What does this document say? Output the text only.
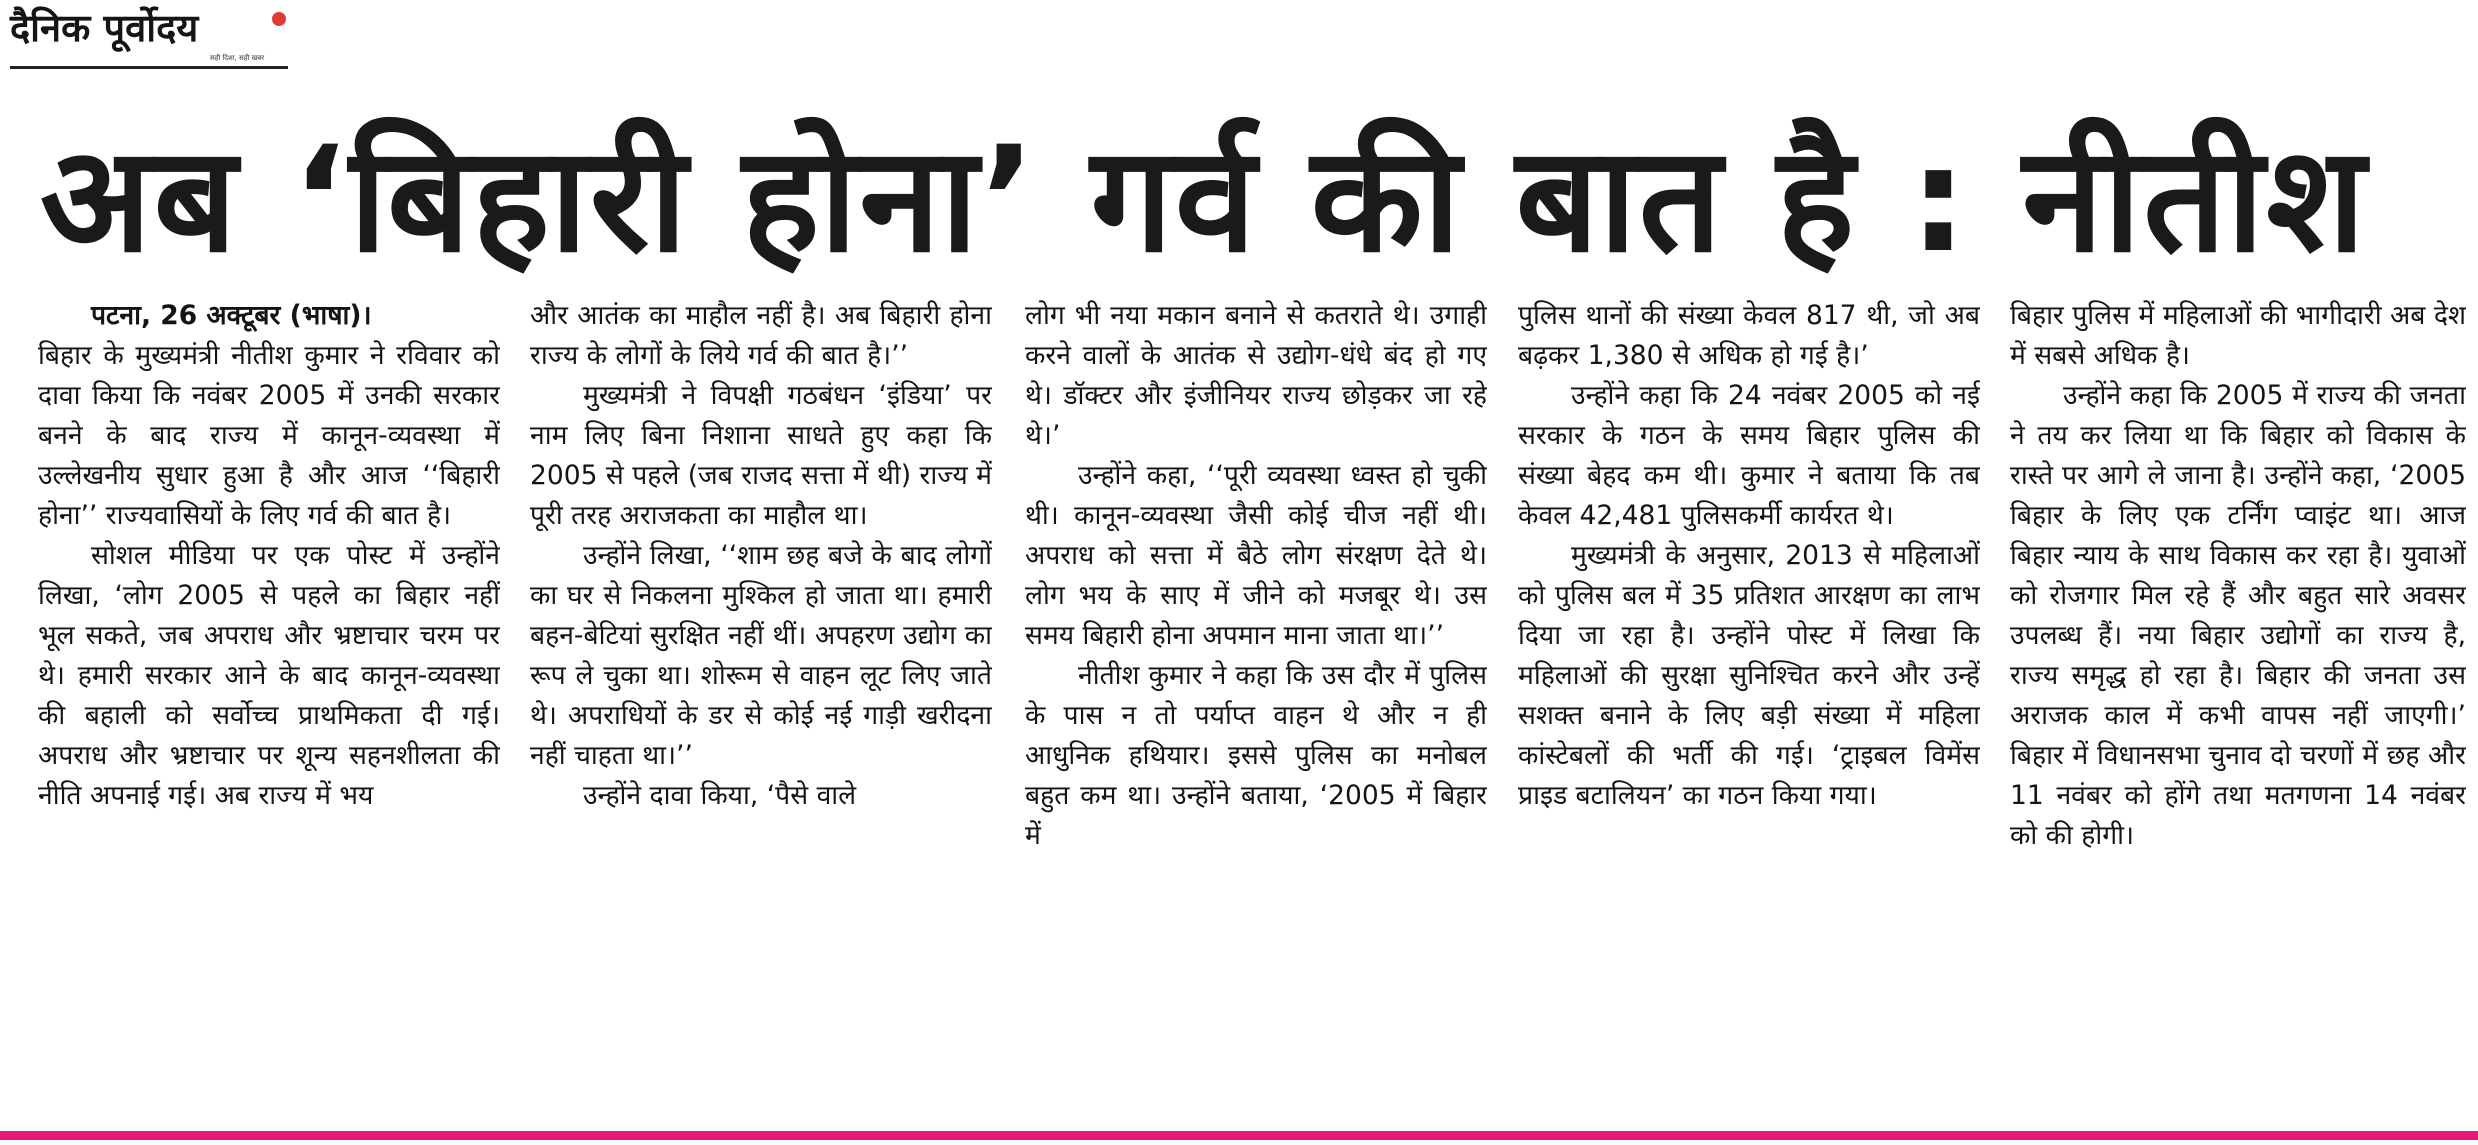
दैनिक पूर्वोदय
सही दिशा, सही खबर
अब ‘बिहारी होना’ गर्व की बात है : नीतीश

पटना, 26 अक्टूबर (भाषा)।

बिहार के मुख्यमंत्री नीतीश कुमार ने रविवार को दावा किया कि नवंबर 2005 में उनकी सरकार बनने के बाद राज्य में कानून-व्यवस्था में उल्लेखनीय सुधार हुआ है और आज ‘‘बिहारी होना’’ राज्यवासियों के लिए गर्व की बात है।

सोशल मीडिया पर एक पोस्ट में उन्होंने लिखा, ‘लोग 2005 से पहले का बिहार नहीं भूल सकते, जब अपराध और भ्रष्टाचार चरम पर थे। हमारी सरकार आने के बाद कानून-व्यवस्था की बहाली को सर्वोच्च प्राथमिकता दी गई। अपराध और भ्रष्टाचार पर शून्य सहनशीलता की नीति अपनाई गई। अब राज्य में भय

और आतंक का माहौल नहीं है। अब बिहारी होना राज्य के लोगों के लिये गर्व की बात है।’’

मुख्यमंत्री ने विपक्षी गठबंधन ‘इंडिया’ पर नाम लिए बिना निशाना साधते हुए कहा कि 2005 से पहले (जब राजद सत्ता में थी) राज्य में पूरी तरह अराजकता का माहौल था।

उन्होंने लिखा, ‘‘शाम छह बजे के बाद लोगों का घर से निकलना मुश्किल हो जाता था। हमारी बहन-बेटियां सुरक्षित नहीं थीं। अपहरण उद्योग का रूप ले चुका था। शोरूम से वाहन लूट लिए जाते थे। अपराधियों के डर से कोई नई गाड़ी खरीदना नहीं चाहता था।’’

उन्होंने दावा किया, ‘पैसे वाले

लोग भी नया मकान बनाने से कतराते थे। उगाही करने वालों के आतंक से उद्योग-धंधे बंद हो गए थे। डॉक्टर और इंजीनियर राज्य छोड़कर जा रहे थे।’

उन्होंने कहा, ‘‘पूरी व्यवस्था ध्वस्त हो चुकी थी। कानून-व्यवस्था जैसी कोई चीज नहीं थी। अपराध को सत्ता में बैठे लोग संरक्षण देते थे। लोग भय के साए में जीने को मजबूर थे। उस समय बिहारी होना अपमान माना जाता था।’’

नीतीश कुमार ने कहा कि उस दौर में पुलिस के पास न तो पर्याप्त वाहन थे और न ही आधुनिक हथियार। इससे पुलिस का मनोबल बहुत कम था। उन्होंने बताया, ‘2005 में बिहार में

पुलिस थानों की संख्या केवल 817 थी, जो अब बढ़कर 1,380 से अधिक हो गई है।’

उन्होंने कहा कि 24 नवंबर 2005 को नई सरकार के गठन के समय बिहार पुलिस की संख्या बेहद कम थी। कुमार ने बताया कि तब केवल 42,481 पुलिसकर्मी कार्यरत थे।

मुख्यमंत्री के अनुसार, 2013 से महिलाओं को पुलिस बल में 35 प्रतिशत आरक्षण का लाभ दिया जा रहा है। उन्होंने पोस्ट में लिखा कि महिलाओं की सुरक्षा सुनिश्चित करने और उन्हें सशक्त बनाने के लिए बड़ी संख्या में महिला कांस्टेबलों की भर्ती की गई। ‘ट्राइबल विमेंस प्राइड बटालियन’ का गठन किया गया।

बिहार पुलिस में महिलाओं की भागीदारी अब देश में सबसे अधिक है।

उन्होंने कहा कि 2005 में राज्य की जनता ने तय कर लिया था कि बिहार को विकास के रास्ते पर आगे ले जाना है। उन्होंने कहा, ‘2005 बिहार के लिए एक टर्निंग प्वाइंट था। आज बिहार न्याय के साथ विकास कर रहा है। युवाओं को रोजगार मिल रहे हैं और बहुत सारे अवसर उपलब्ध हैं। नया बिहार उद्योगों का राज्य है, राज्य समृद्ध हो रहा है। बिहार की जनता उस अराजक काल में कभी वापस नहीं जाएगी।’ बिहार में विधानसभा चुनाव दो चरणों में छह और 11 नवंबर को होंगे तथा मतगणना 14 नवंबर को की होगी।
